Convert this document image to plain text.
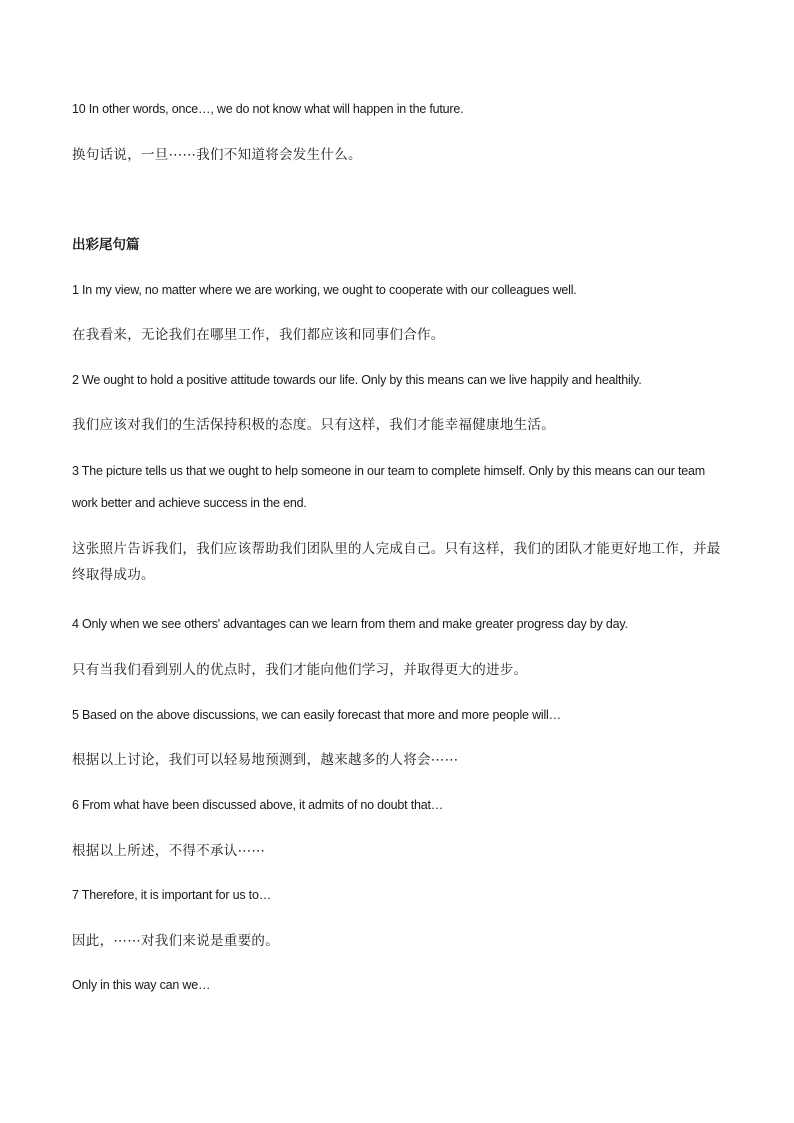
10 In other words, once…, we do not know what will happen in the future.

换句话说，一旦⋯⋯我们不知道将会发生什么。

出彩尾句篇

1 In my view, no matter where we are working, we ought to cooperate with our colleagues well.

在我看来，无论我们在哪里工作，我们都应该和同事们合作。

2 We ought to hold a positive attitude towards our life. Only by this means can we live happily and healthily.

我们应该对我们的生活保持积极的态度。只有这样，我们才能幸福健康地生活。

3 The picture tells us that we ought to help someone in our team to complete himself. Only by this means can our team work better and achieve success in the end.

这张照片告诉我们，我们应该帮助我们团队里的人完成自己。只有这样，我们的团队才能更好地工作，并最终取得成功。

4 Only when we see others' advantages can we learn from them and make greater progress day by day.

只有当我们看到别人的优点时，我们才能向他们学习，并取得更大的进步。

5 Based on the above discussions, we can easily forecast that more and more people will…

根据以上讨论，我们可以轻易地预测到，越来越多的人将会⋯⋯

6 From what have been discussed above, it admits of no doubt that…

根据以上所述，不得不承认⋯⋯

7 Therefore, it is important for us to…

因此，⋯⋯对我们来说是重要的。

Only in this way can we…
